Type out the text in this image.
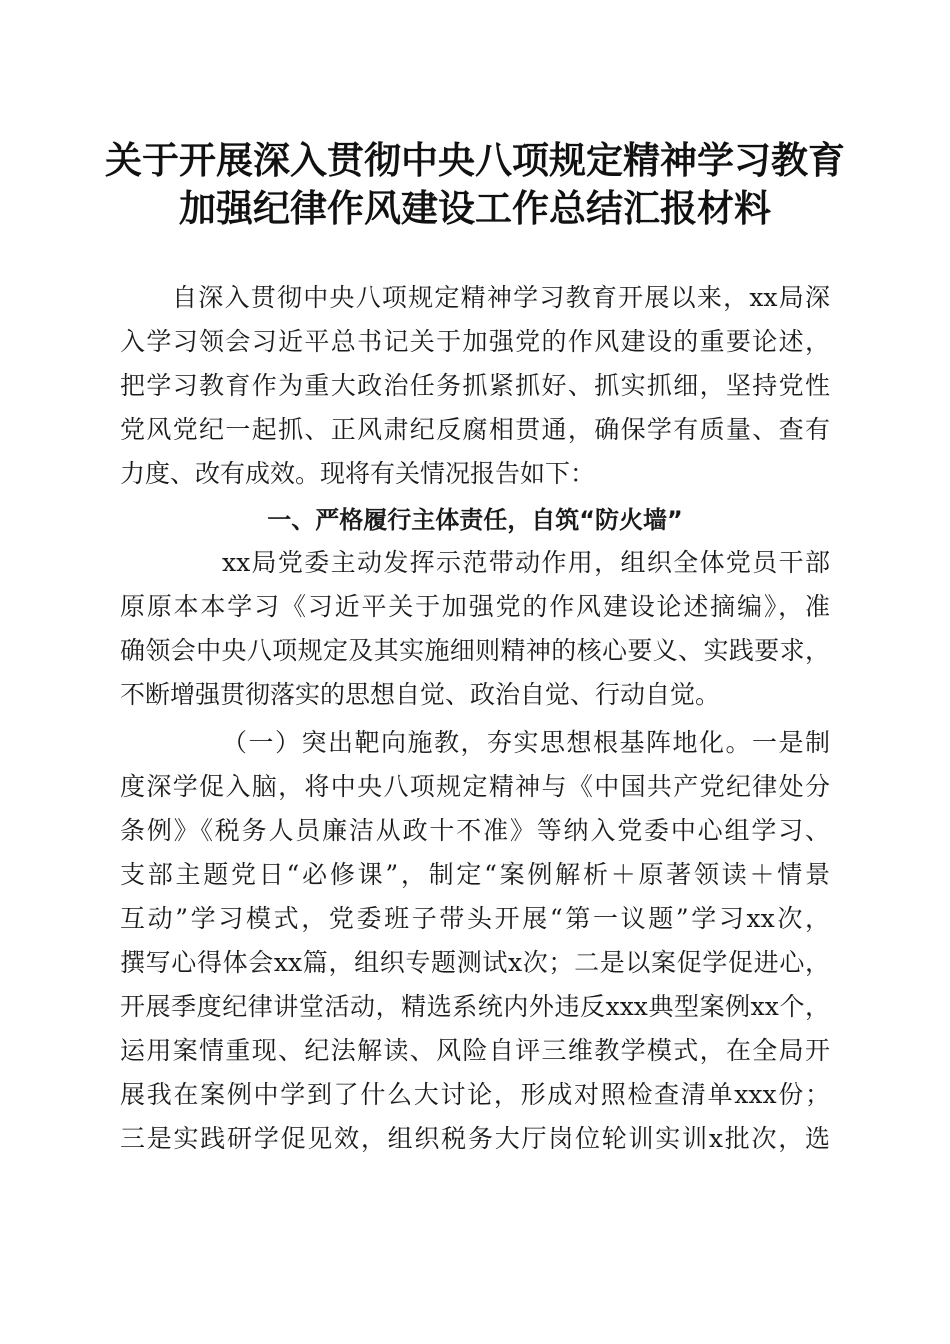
关于开展深入贯彻中央八项规定精神学习教育
加强纪律作风建设工作总结汇报材料
自深入贯彻中央八项规定精神学习教育开展以来，xx局深
入学习领会习近平总书记关于加强党的作风建设的重要论述，
把学习教育作为重大政治任务抓紧抓好、抓实抓细，坚持党性
党风党纪一起抓、正风肃纪反腐相贯通，确保学有质量、查有
力度、改有成效。现将有关情况报告如下：
一、严格履行主体责任，自筑“防火墙”
xx局党委主动发挥示范带动作用，组织全体党员干部
原原本本学习《习近平关于加强党的作风建设论述摘编》，准
确领会中央八项规定及其实施细则精神的核心要义、实践要求，
不断增强贯彻落实的思想自觉、政治自觉、行动自觉。
（一）突出靶向施教，夯实思想根基阵地化。一是制
度深学促入脑，将中央八项规定精神与《中国共产党纪律处分
条例》《税务人员廉洁从政十不准》等纳入党委中心组学习、
支部主题党日“必修课”，制定“案例解析＋原著领读＋情景
互动”学习模式，党委班子带头开展“第一议题”学习xx次，
撰写心得体会xx篇，组织专题测试x次；二是以案促学促进心，
开展季度纪律讲堂活动，精选系统内外违反xxx典型案例xx个，
运用案情重现、纪法解读、风险自评三维教学模式，在全局开
展我在案例中学到了什么大讨论，形成对照检查清单xxx份；
三是实践研学促见效，组织税务大厅岗位轮训实训x批次，选
